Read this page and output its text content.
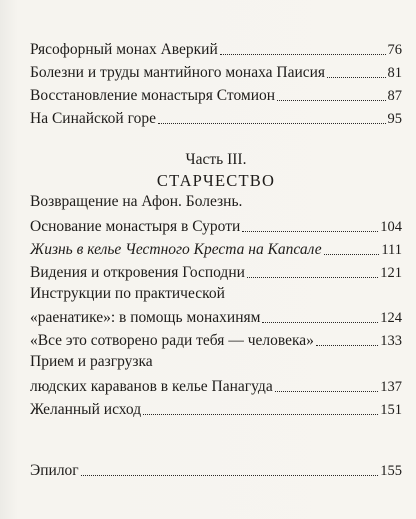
Рясофорный монах Аверкий	76
Болезни и труды мантийного монаха Паисия	81
Восстановление монастыря Стомион	87
На Синайской горе	95
Часть III.
СТАРЧЕСТВО
Возвращение на Афон. Болезнь.
Основание монастыря в Суроти	104
Жизнь в келье Честного Креста на Капсале	111
Видения и откровения Господни	121
Инструкции по практической
«раенатике»: в помощь монахиням	124
«Все это сотворено ради тебя — человека»	133
Прием и разгрузка
людских караванов в келье Панагуда	137
Желанный исход	151
Эпилог	155
